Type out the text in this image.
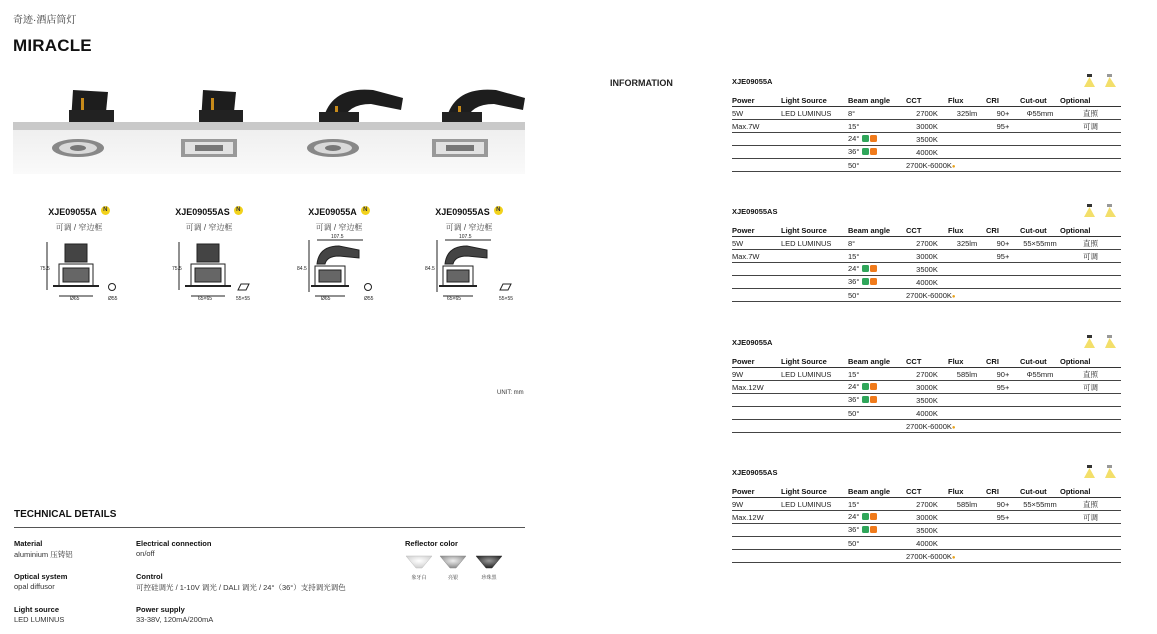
奇迹·酒店筒灯
MIRACLE
XJE09055A N
可调 / 窄边框
XJE09055AS N
可调 / 窄边框
XJE09055A N
可调 / 窄边框
XJE09055AS N
可调 / 窄边框
75.5
Ø65	Ø55
75.5
65×65	55×55
107.5
84.5
Ø65	Ø55
107.5
84.5
65×65	55×55
UNIT: mm
TECHNICAL DETAILS
Material
aluminium 压铸铝
Optical system
opal diffusor
Light source
LED LUMINUS
Electrical connection
on/off
Control
可控硅调光 / 1-10V 调光 / DALI 调光 / 24°（36°）支持调光调色
Power supply
33-38V, 120mA/200mA
Reflector color
象牙白	亮银	珍珠黑
INFORMATION	XJE09055A
Power	Light Source	Beam angle	CCT	Flux	CRI	Cut-out	Optional
5W	LED LUMINUS	8°	2700K	325lm	90+	Φ55mm	直照
Max.7W		15°	3000K		95+		可调
		24°	3500K				
		36°	4000K				
		50°	2700K-6000K●				
XJE09055AS
Power	Light Source	Beam angle	CCT	Flux	CRI	Cut-out	Optional
5W	LED LUMINUS	8°	2700K	325lm	90+	55×55mm	直照
Max.7W		15°	3000K		95+		可调
		24°	3500K				
		36°	4000K				
		50°	2700K-6000K●				
XJE09055A
Power	Light Source	Beam angle	CCT	Flux	CRI	Cut-out	Optional
9W	LED LUMINUS	15°	2700K	585lm	90+	Φ55mm	直照
Max.12W		24°	3000K		95+		可调
		36°	3500K				
		50°	4000K				
			2700K-6000K●				
XJE09055AS
Power	Light Source	Beam angle	CCT	Flux	CRI	Cut-out	Optional
9W	LED LUMINUS	15°	2700K	585lm	90+	55×55mm	直照
Max.12W		24°	3000K		95+		可调
		36°	3500K				
		50°	4000K				
			2700K-6000K●				
